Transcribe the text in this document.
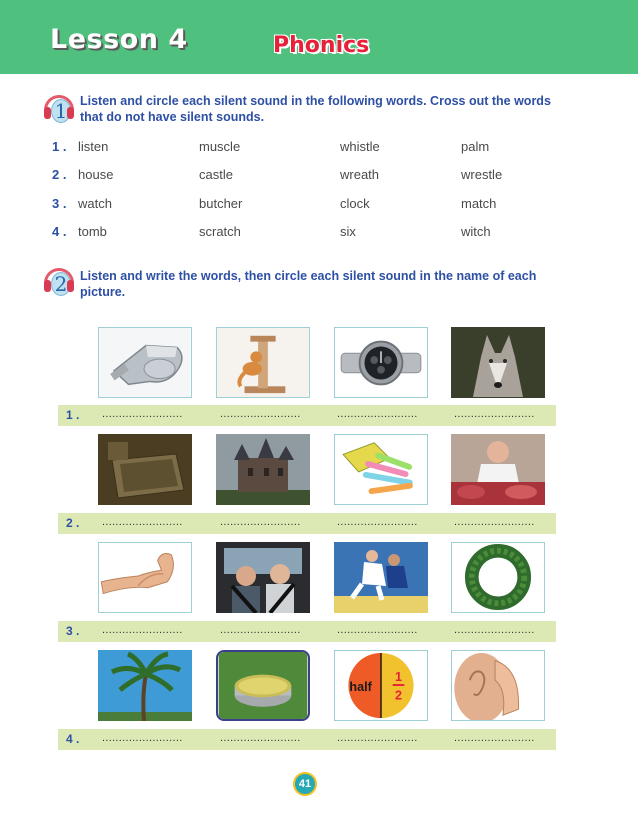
Lesson 4	Phonics
1 Listen and circle each silent sound in the following words. Cross out the words
that do not have silent sounds.
1 . listen	muscle	whistle	palm
2 . house	castle	wreath	wrestle
3 . watch	butcher	clock	match
4 . tomb	scratch	six	witch
2 Listen and write the words, then circle each silent sound in the name of each
picture.
1 . ........................	........................	........................	........................
2 . ........................	........................	........................	........................
3 . ........................	........................	........................	........................
half
1
2
4 . ........................	........................	........................	........................
41
